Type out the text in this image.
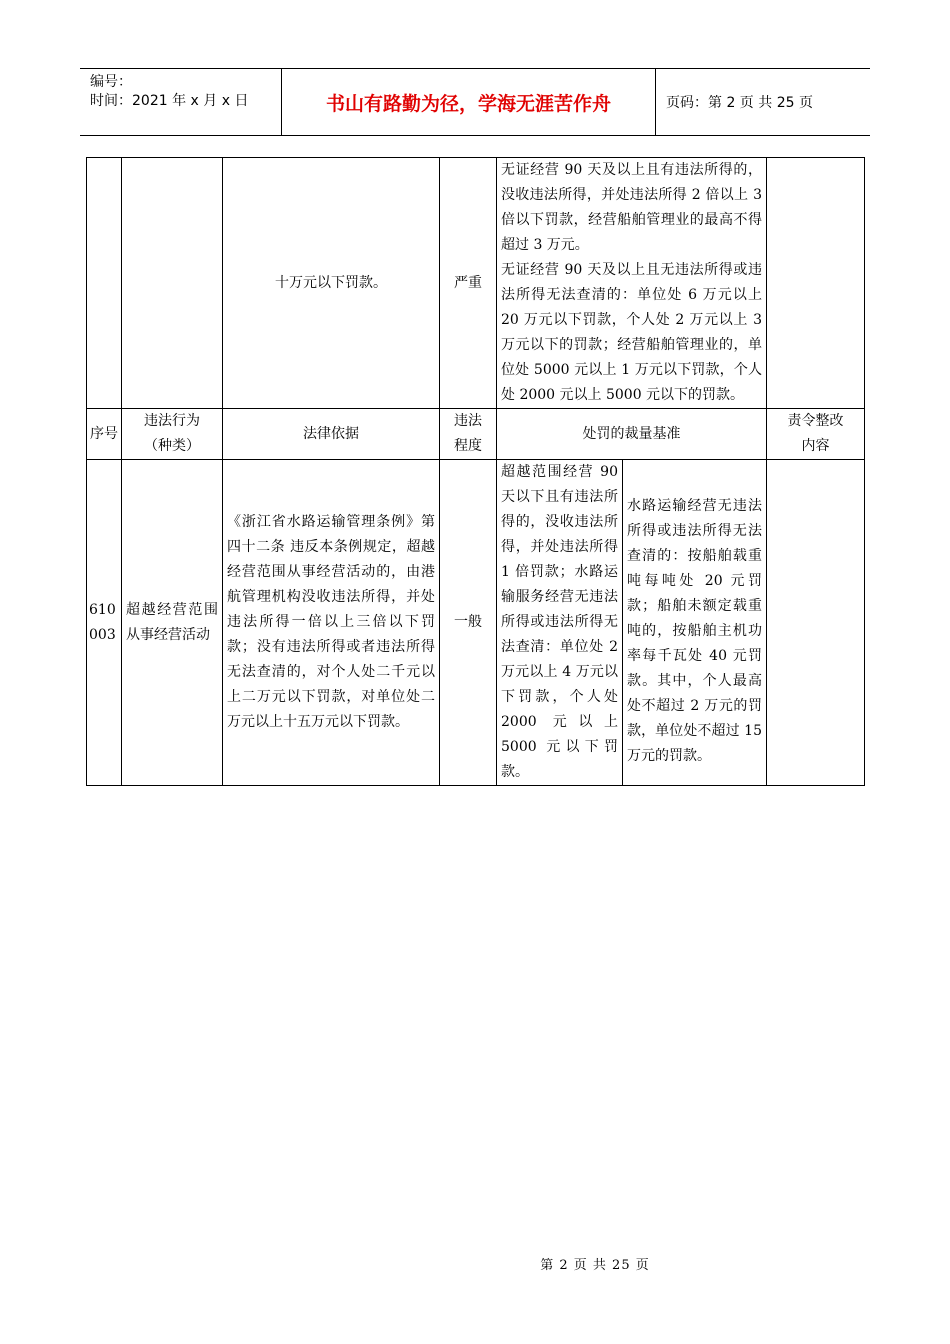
编号：
时间：2021 年 x 月 x 日	书山有路勤为径，学海无涯苦作舟	页码：第 2 页 共 25 页
		十万元以下罚款。	严重	无证经营 90 天及以上且有违法所得的，没收违法所得，并处违法所得 2 倍以上 3 倍以下罚款，经营船舶管理业的最高不得超过 3 万元。
无证经营 90 天及以上且无违法所得或违法所得无法查清的：单位处 6 万元以上 20 万元以下罚款，个人处 2 万元以上 3 万元以下的罚款；经营船舶管理业的，单位处 5000 元以上 1 万元以下罚款，个人处 2000 元以上 5000 元以下的罚款。		

序号	违法行为（种类）	法律依据	违法程度	处罚的裁量基准		责令整改内容
610003	超越经营范围从事经营活动	《浙江省水路运输管理条例》第四十二条 违反本条例规定，超越经营范围从事经营活动的，由港航管理机构没收违法所得，并处违法所得一倍以上三倍以下罚款；没有违法所得或者违法所得无法查清的，对个人处二千元以上二万元以下罚款，对单位处二万元以上十五万元以下罚款。	一般	超越范围经营 90 天以下且有违法所得的，没收违法所得，并处违法所得 1 倍罚款；水路运输服务经营无违法所得或违法所得无法查清：单位处 2 万元以上 4 万元以下罚款，个人处 2000 元以上 5000 元以下罚款。	水路运输经营无违法所得或违法所得无法查清的：按船舶载重吨每吨处 20 元罚款；船舶未额定载重吨的，按船舶主机功率每千瓦处 40 元罚款。其中，个人最高处不超过 2 万元的罚款，单位处不超过 15 万元的罚款。	
第 2 页 共 25 页
